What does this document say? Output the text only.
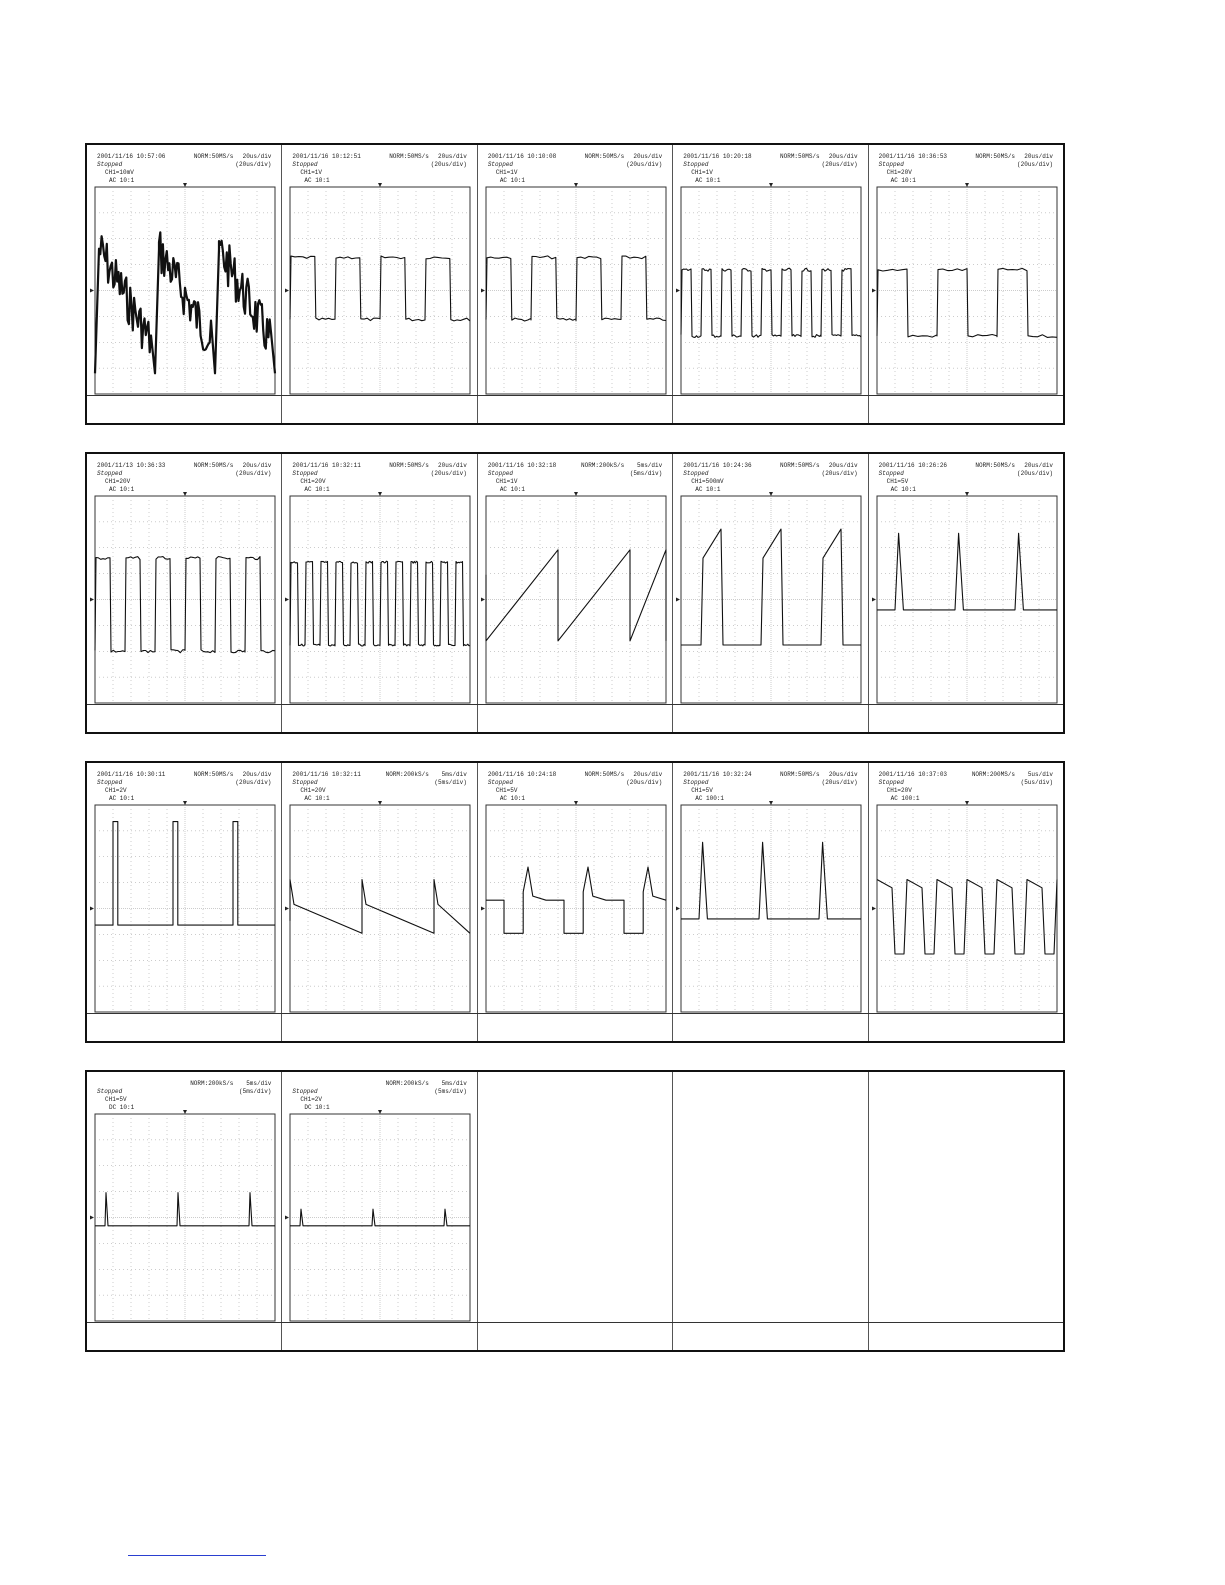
2001/11/16 10:57:06
Stopped
NORM:50MS/s 20us/div
(20us/div)
CH1=10mV
AC 10:1
2001/11/16 10:12:51
Stopped
NORM:50MS/s 20us/div
(20us/div)
CH1=1V
AC 10:1
2001/11/16 10:10:08
Stopped
NORM:50MS/s 20us/div
(20us/div)
CH1=1V
AC 10:1
2001/11/16 10:20:18
Stopped
NORM:50MS/s 20us/div
(20us/div)
CH1=1V
AC 10:1
2001/11/16 10:36:53
Stopped
NORM:50MS/s 20us/div
(20us/div)
CH1=20V
AC 10:1
2001/11/13 10:36:33
Stopped
NORM:50MS/s 20us/div
(20us/div)
CH1=20V
AC 10:1
2001/11/16 10:32:11
Stopped
NORM:50MS/s 20us/div
(20us/div)
CH1=20V
AC 10:1
2001/11/16 10:32:18
Stopped
NORM:200kS/s 5ms/div
(5ms/div)
CH1=1V
AC 10:1
2001/11/16 10:24:36
Stopped
NORM:50MS/s 20us/div
(20us/div)
CH1=500mV
AC 10:1
2001/11/16 10:26:26
Stopped
NORM:50MS/s 20us/div
(20us/div)
CH1=5V
AC 10:1
2001/11/16 10:30:11
Stopped
NORM:50MS/s 20us/div
(20us/div)
CH1=2V
AC 10:1
2001/11/16 10:32:11
Stopped
NORM:200kS/s 5ms/div
(5ms/div)
CH1=20V
AC 10:1
2001/11/16 10:24:18
Stopped
NORM:50MS/s 20us/div
(20us/div)
CH1=5V
AC 10:1
2001/11/16 10:32:24
Stopped
NORM:50MS/s 20us/div
(20us/div)
CH1=5V
AC 100:1
2001/11/16 10:37:03
Stopped
NORM:200MS/s 5us/div
(5us/div)
CH1=20V
AC 100:1
Stopped
NORM:200kS/s 5ms/div
(5ms/div)
CH1=5V
DC 10:1
Stopped
NORM:200kS/s 5ms/div
(5ms/div)
CH1=2V
DC 10:1
